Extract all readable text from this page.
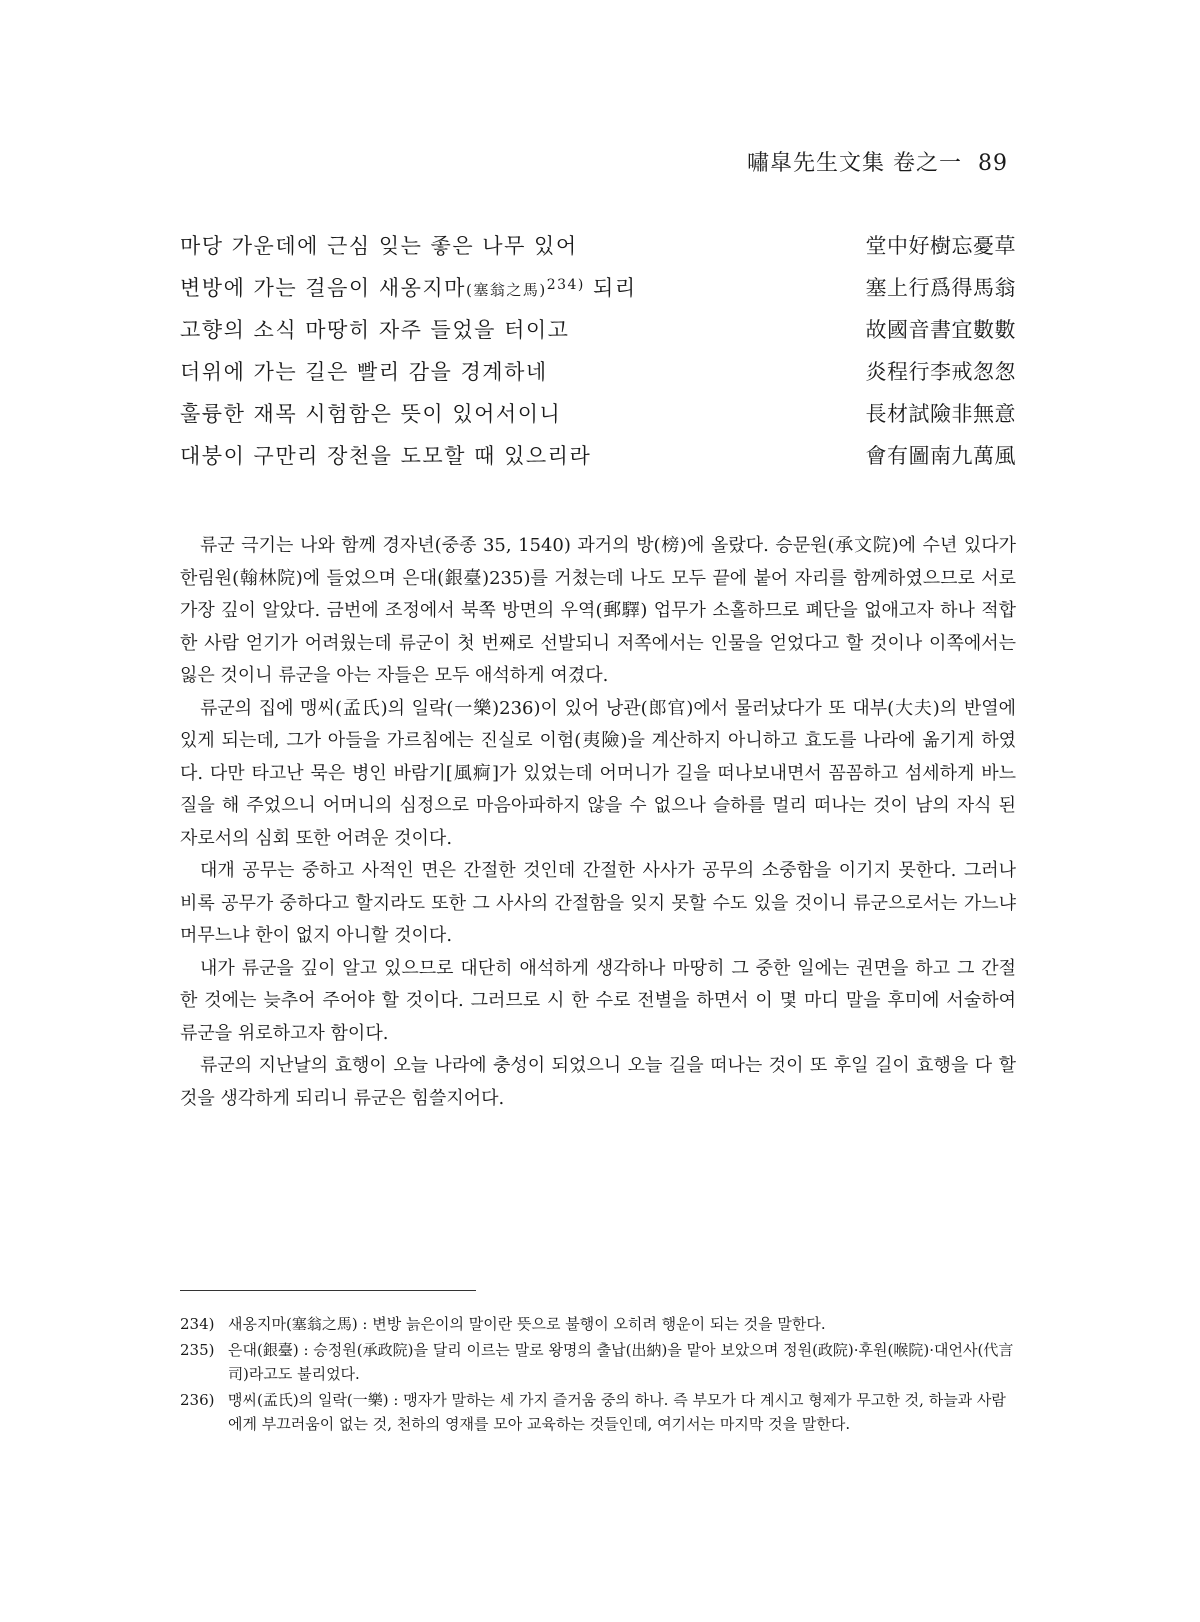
嘯皐先生文集 卷之一 89
마당 가운데에 근심 잊는 좋은 나무 있어	堂中好樹忘憂草
변방에 가는 걸음이 새옹지마(塞翁之馬)$^{234)}$ 되리	塞上行爲得馬翁
고향의 소식 마땅히 자주 들었을 터이고	故國音書宜數數
더위에 가는 길은 빨리 감을 경계하네	炎程行李戒怱怱
훌륭한 재목 시험함은 뜻이 있어서이니	長材試險非無意
대붕이 구만리 장천을 도모할 때 있으리라	會有圖南九萬風

류군 극기는 나와 함께 경자년(중종 35, 1540) 과거의 방(榜)에 올랐다. 승문원(承文院)에 수년 있다가 한림원(翰林院)에 들었으며 은대(銀臺)235)를 거쳤는데 나도 모두 끝에 붙어 자리를 함께하였으므로 서로 가장 깊이 알았다. 금번에 조정에서 북쪽 방면의 우역(郵驛) 업무가 소홀하므로 폐단을 없애고자 하나 적합한 사람 얻기가 어려웠는데 류군이 첫 번째로 선발되니 저쪽에서는 인물을 얻었다고 할 것이나 이쪽에서는 잃은 것이니 류군을 아는 자들은 모두 애석하게 여겼다.

류군의 집에 맹씨(孟氏)의 일락(一樂)236)이 있어 낭관(郎官)에서 물러났다가 또 대부(大夫)의 반열에 있게 되는데, 그가 아들을 가르침에는 진실로 이험(夷險)을 계산하지 아니하고 효도를 나라에 옮기게 하였다. 다만 타고난 묵은 병인 바람기[風痾]가 있었는데 어머니가 길을 떠나보내면서 꼼꼼하고 섬세하게 바느질을 해 주었으니 어머니의 심정으로 마음아파하지 않을 수 없으나 슬하를 멀리 떠나는 것이 남의 자식 된 자로서의 심회 또한 어려운 것이다.

대개 공무는 중하고 사적인 면은 간절한 것인데 간절한 사사가 공무의 소중함을 이기지 못한다. 그러나 비록 공무가 중하다고 할지라도 또한 그 사사의 간절함을 잊지 못할 수도 있을 것이니 류군으로서는 가느냐 머무느냐 한이 없지 아니할 것이다.

내가 류군을 깊이 알고 있으므로 대단히 애석하게 생각하나 마땅히 그 중한 일에는 권면을 하고 그 간절한 것에는 늦추어 주어야 할 것이다. 그러므로 시 한 수로 전별을 하면서 이 몇 마디 말을 후미에 서술하여 류군을 위로하고자 함이다.

류군의 지난날의 효행이 오늘 나라에 충성이 되었으니 오늘 길을 떠나는 것이 또 후일 길이 효행을 다 할 것을 생각하게 되리니 류군은 힘쓸지어다.

234) 새옹지마(塞翁之馬) : 변방 늙은이의 말이란 뜻으로 불행이 오히려 행운이 되는 것을 말한다.
235) 은대(銀臺) : 승정원(承政院)을 달리 이르는 말로 왕명의 출납(出納)을 맡아 보았으며 정원(政院)·후원(喉院)·대언사(代言司)라고도 불리었다.
236) 맹씨(孟氏)의 일락(一樂) : 맹자가 말하는 세 가지 즐거움 중의 하나. 즉 부모가 다 계시고 형제가 무고한 것, 하늘과 사람에게 부끄러움이 없는 것, 천하의 영재를 모아 교육하는 것들인데, 여기서는 마지막 것을 말한다.
